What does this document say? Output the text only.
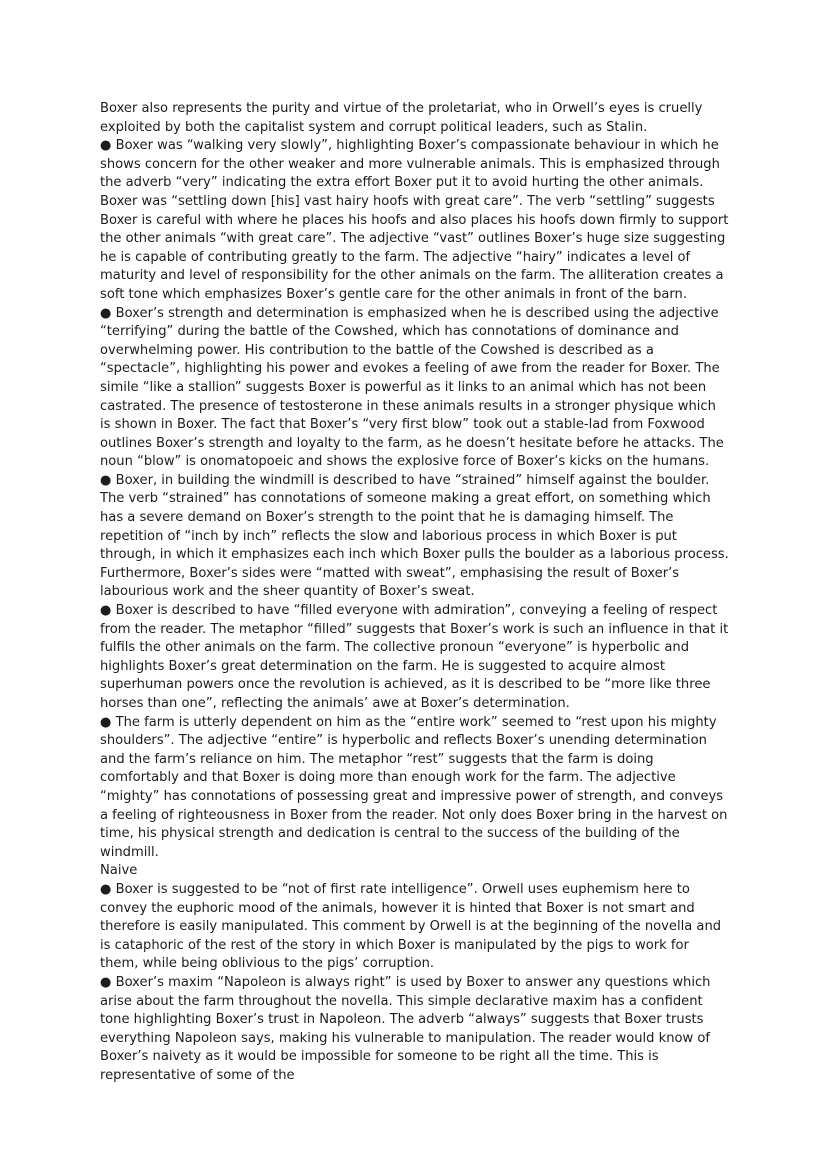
Boxer also represents the purity and virtue of the proletariat, who in Orwell’s eyes is cruelly exploited by both the capitalist system and corrupt political leaders, such as Stalin.

● Boxer was “walking very slowly”, highlighting Boxer’s compassionate behaviour in which he shows concern for the other weaker and more vulnerable animals. This is emphasized through the adverb “very” indicating the extra effort Boxer put it to avoid hurting the other animals. Boxer was “settling down [his] vast hairy hoofs with great care”. The verb “settling” suggests Boxer is careful with where he places his hoofs and also places his hoofs down firmly to support the other animals “with great care”. The adjective “vast” outlines Boxer’s huge size suggesting he is capable of contributing greatly to the farm. The adjective “hairy” indicates a level of maturity and level of responsibility for the other animals on the farm. The alliteration creates a soft tone which emphasizes Boxer’s gentle care for the other animals in front of the barn.

● Boxer’s strength and determination is emphasized when he is described using the adjective “terrifying” during the battle of the Cowshed, which has connotations of dominance and overwhelming power. His contribution to the battle of the Cowshed is described as a “spectacle”, highlighting his power and evokes a feeling of awe from the reader for Boxer. The simile “like a stallion” suggests Boxer is powerful as it links to an animal which has not been castrated. The presence of testosterone in these animals results in a stronger physique which is shown in Boxer. The fact that Boxer’s “very first blow” took out a stable-lad from Foxwood outlines Boxer’s strength and loyalty to the farm, as he doesn’t hesitate before he attacks. The noun “blow” is onomatopoeic and shows the explosive force of Boxer’s kicks on the humans.

● Boxer, in building the windmill is described to have “strained” himself against the boulder. The verb “strained” has connotations of someone making a great effort, on something which has a severe demand on Boxer’s strength to the point that he is damaging himself. The repetition of “inch by inch” reflects the slow and laborious process in which Boxer is put through, in which it emphasizes each inch which Boxer pulls the boulder as a laborious process. Furthermore, Boxer’s sides were “matted with sweat”, emphasising the result of Boxer’s labourious work and the sheer quantity of Boxer’s sweat.

● Boxer is described to have “filled everyone with admiration”, conveying a feeling of respect from the reader. The metaphor “filled” suggests that Boxer’s work is such an influence in that it fulfils the other animals on the farm. The collective pronoun “everyone” is hyperbolic and highlights Boxer’s great determination on the farm. He is suggested to acquire almost superhuman powers once the revolution is achieved, as it is described to be “more like three horses than one”, reflecting the animals’ awe at Boxer’s determination.

● The farm is utterly dependent on him as the “entire work” seemed to “rest upon his mighty shoulders”. The adjective “entire” is hyperbolic and reflects Boxer’s unending determination and the farm’s reliance on him. The metaphor “rest” suggests that the farm is doing comfortably and that Boxer is doing more than enough work for the farm. The adjective “mighty” has connotations of possessing great and impressive power of strength, and conveys a feeling of righteousness in Boxer from the reader. Not only does Boxer bring in the harvest on time, his physical strength and dedication is central to the success of the building of the windmill.

Naive

● Boxer is suggested to be “not of first rate intelligence”. Orwell uses euphemism here to convey the euphoric mood of the animals, however it is hinted that Boxer is not smart and therefore is easily manipulated. This comment by Orwell is at the beginning of the novella and is cataphoric of the rest of the story in which Boxer is manipulated by the pigs to work for them, while being oblivious to the pigs’ corruption.

● Boxer’s maxim “Napoleon is always right” is used by Boxer to answer any questions which arise about the farm throughout the novella. This simple declarative maxim has a confident tone highlighting Boxer’s trust in Napoleon. The adverb “always” suggests that Boxer trusts everything Napoleon says, making his vulnerable to manipulation. The reader would know of Boxer’s naivety as it would be impossible for someone to be right all the time. This is representative of some of the
